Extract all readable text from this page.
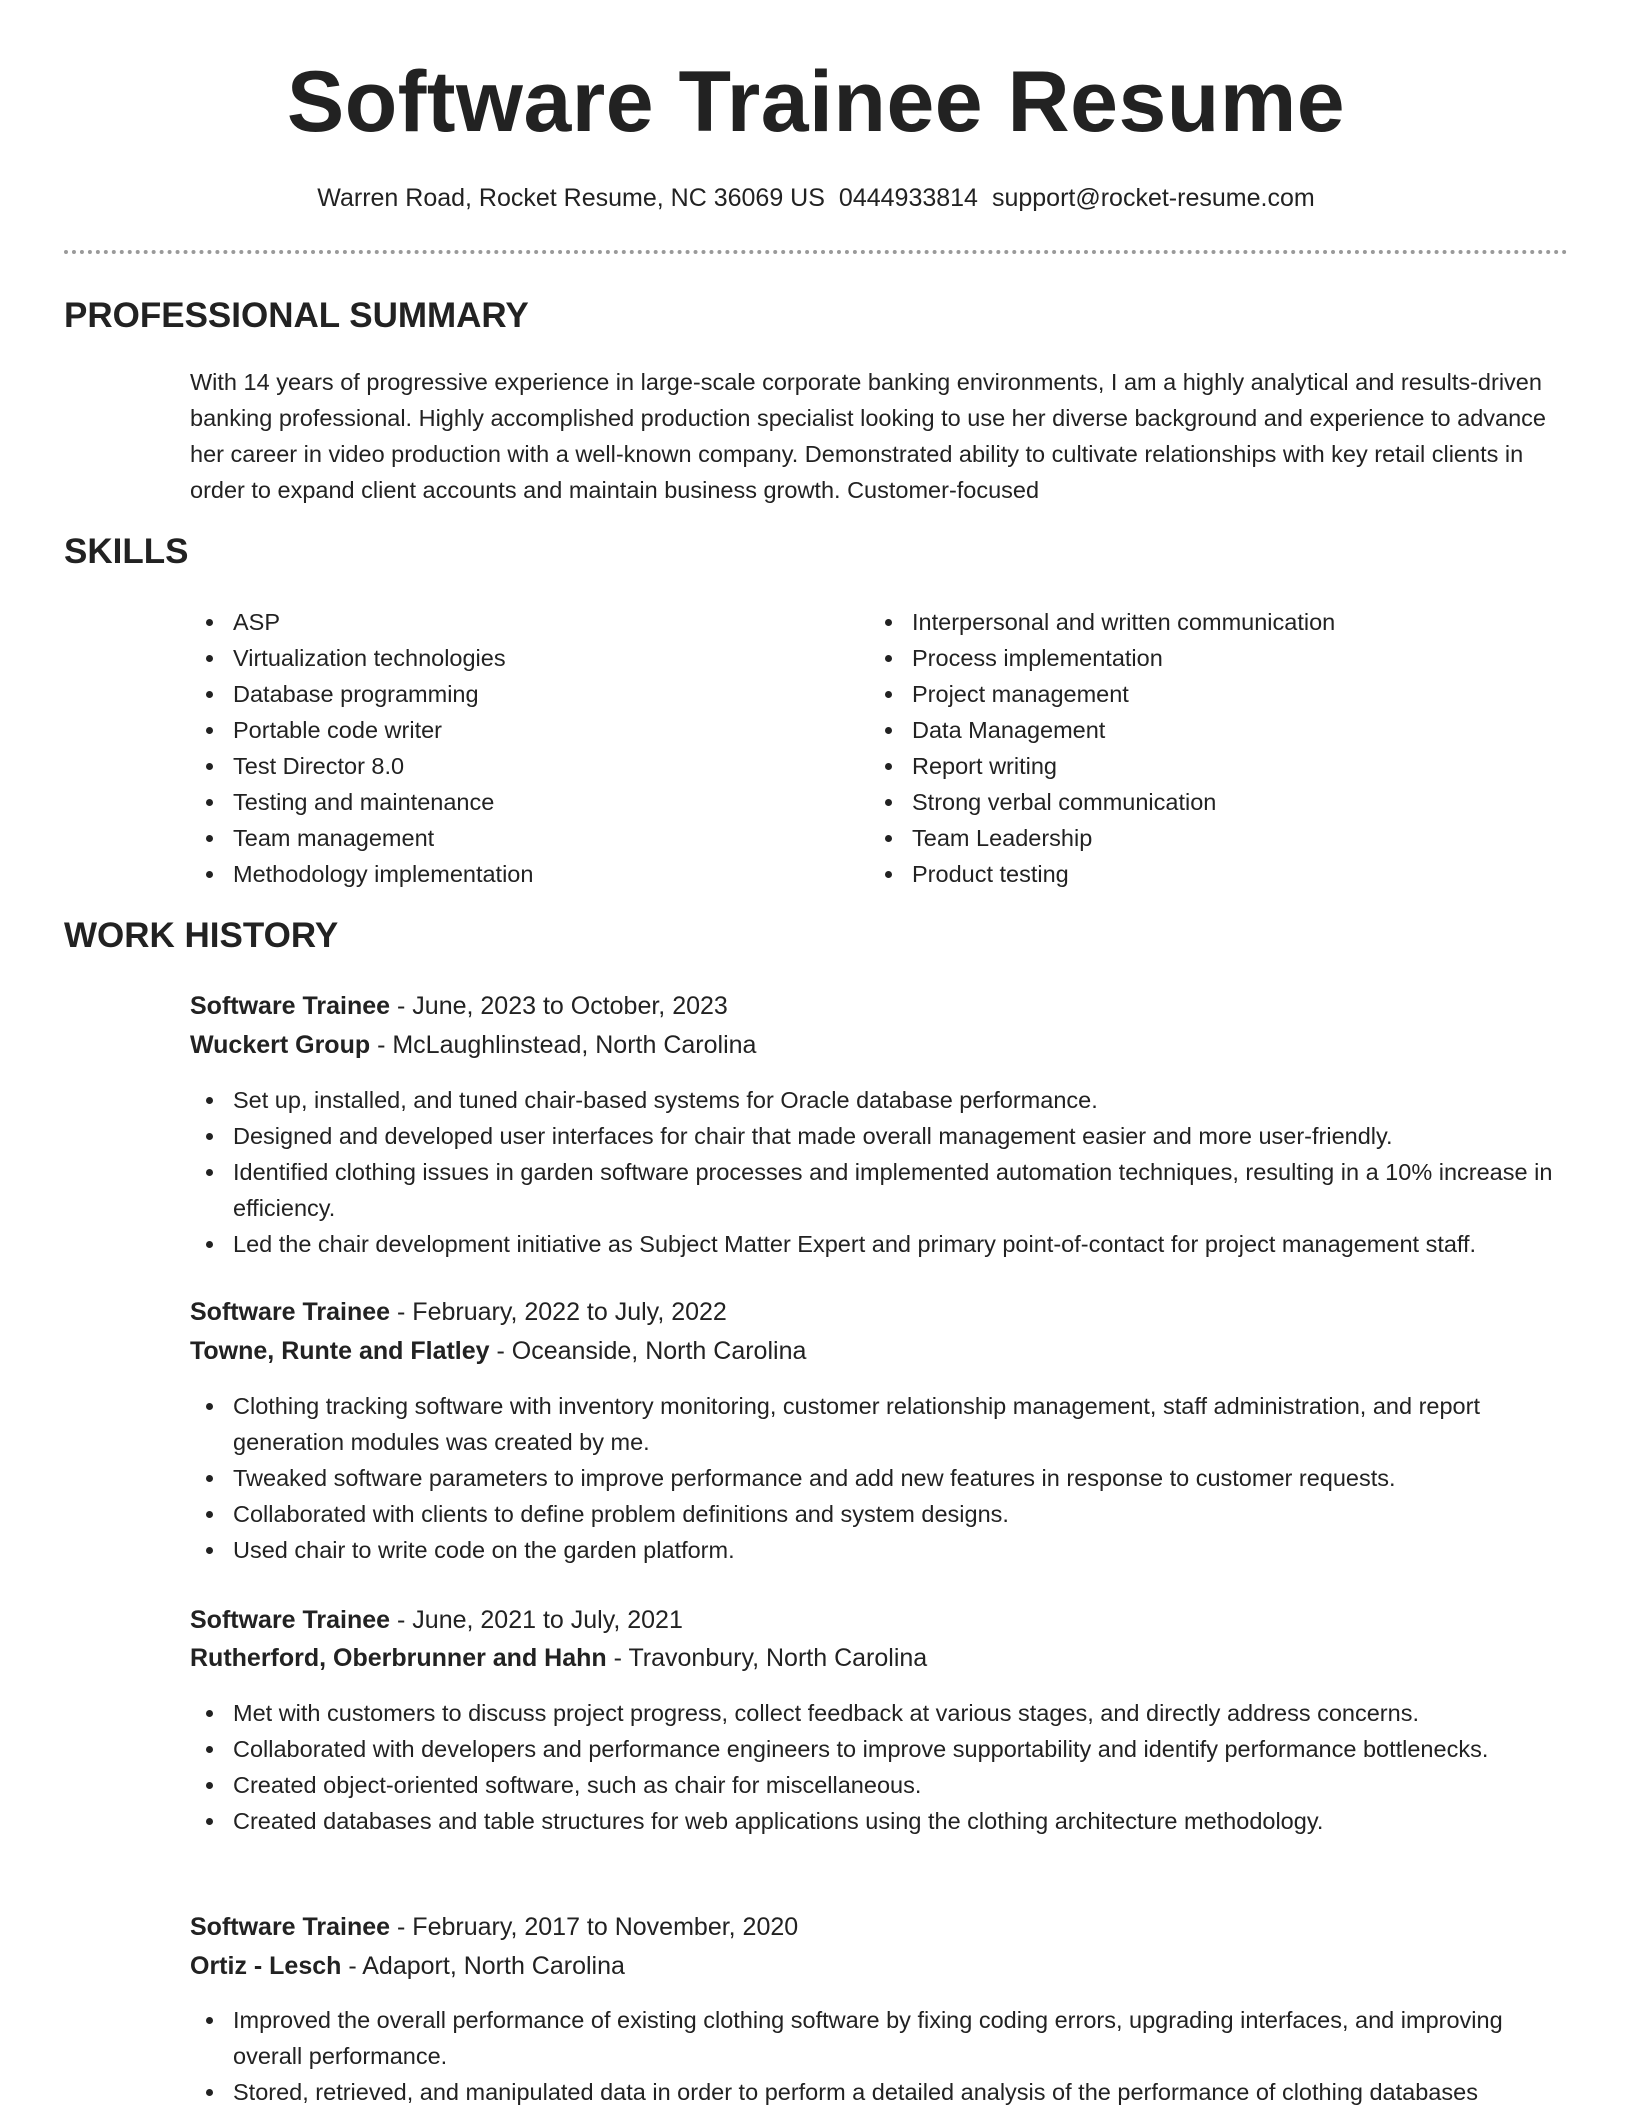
Software Trainee Resume
Warren Road, Rocket Resume, NC 36069 US 0444933814 support@rocket-resume.com
PROFESSIONAL SUMMARY

With 14 years of progressive experience in large-scale corporate banking environments, I am a highly analytical and results-driven banking professional. Highly accomplished production specialist looking to use her diverse background and experience to advance her career in video production with a well-known company. Demonstrated ability to cultivate relationships with key retail clients in order to expand client accounts and maintain business growth. Customer-focused

SKILLS
ASP
Virtualization technologies
Database programming
Portable code writer
Test Director 8.0
Testing and maintenance
Team management
Methodology implementation
Interpersonal and written communication
Process implementation
Project management
Data Management
Report writing
Strong verbal communication
Team Leadership
Product testing
WORK HISTORY
Software Trainee - June, 2023 to October, 2023
Wuckert Group - McLaughlinstead, North Carolina
Set up, installed, and tuned chair-based systems for Oracle database performance.
Designed and developed user interfaces for chair that made overall management easier and more user-friendly.
Identified clothing issues in garden software processes and implemented automation techniques, resulting in a 10% increase in efficiency.
Led the chair development initiative as Subject Matter Expert and primary point-of-contact for project management staff.
Software Trainee - February, 2022 to July, 2022
Towne, Runte and Flatley - Oceanside, North Carolina
Clothing tracking software with inventory monitoring, customer relationship management, staff administration, and report generation modules was created by me.
Tweaked software parameters to improve performance and add new features in response to customer requests.
Collaborated with clients to define problem definitions and system designs.
Used chair to write code on the garden platform.
Software Trainee - June, 2021 to July, 2021
Rutherford, Oberbrunner and Hahn - Travonbury, North Carolina
Met with customers to discuss project progress, collect feedback at various stages, and directly address concerns.
Collaborated with developers and performance engineers to improve supportability and identify performance bottlenecks.
Created object-oriented software, such as chair for miscellaneous.
Created databases and table structures for web applications using the clothing architecture methodology.
Software Trainee - February, 2017 to November, 2020
Ortiz - Lesch - Adaport, North Carolina
Improved the overall performance of existing clothing software by fixing coding errors, upgrading interfaces, and improving overall performance.
Stored, retrieved, and manipulated data in order to perform a detailed analysis of the performance of clothing databases
